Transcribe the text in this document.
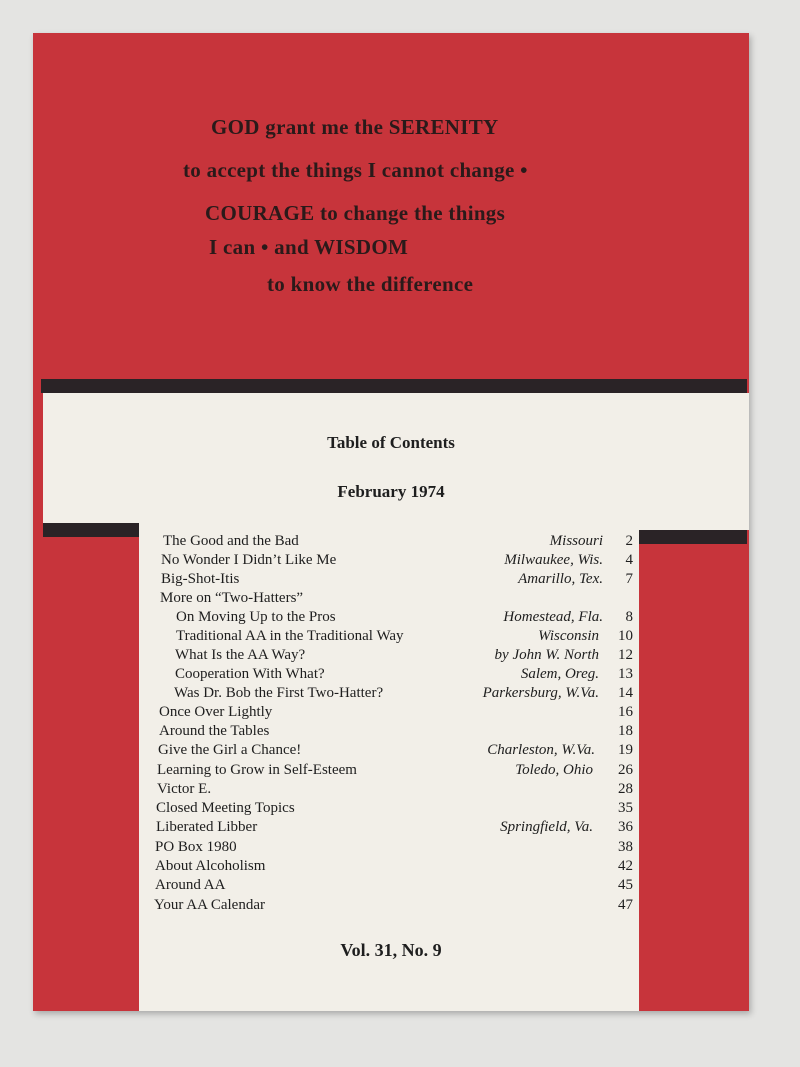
GOD grant me the SERENITY
to accept the things I cannot change •
COURAGE to change the things
I can • and WISDOM
to know the difference
Table of Contents
February 1974
The Good and the Bad	Missouri 2
No Wonder I Didn’t Like Me	Milwaukee, Wis. 4
Big-Shot-Itis	Amarillo, Tex. 7
More on “Two-Hatters”
On Moving Up to the Pros	Homestead, Fla. 8
Traditional AA in the Traditional Way	Wisconsin 10
What Is the AA Way?	by John W. North 12
Cooperation With What?	Salem, Oreg. 13
Was Dr. Bob the First Two-Hatter?	Parkersburg, W.Va. 14
Once Over Lightly	16
Around the Tables	18
Give the Girl a Chance!	Charleston, W.Va. 19
Learning to Grow in Self-Esteem	Toledo, Ohio 26
Victor E.	28
Closed Meeting Topics	35
Liberated Libber	Springfield, Va. 36
PO Box 1980	38
About Alcoholism	42
Around AA	45
Your AA Calendar	47
Vol. 31, No. 9
